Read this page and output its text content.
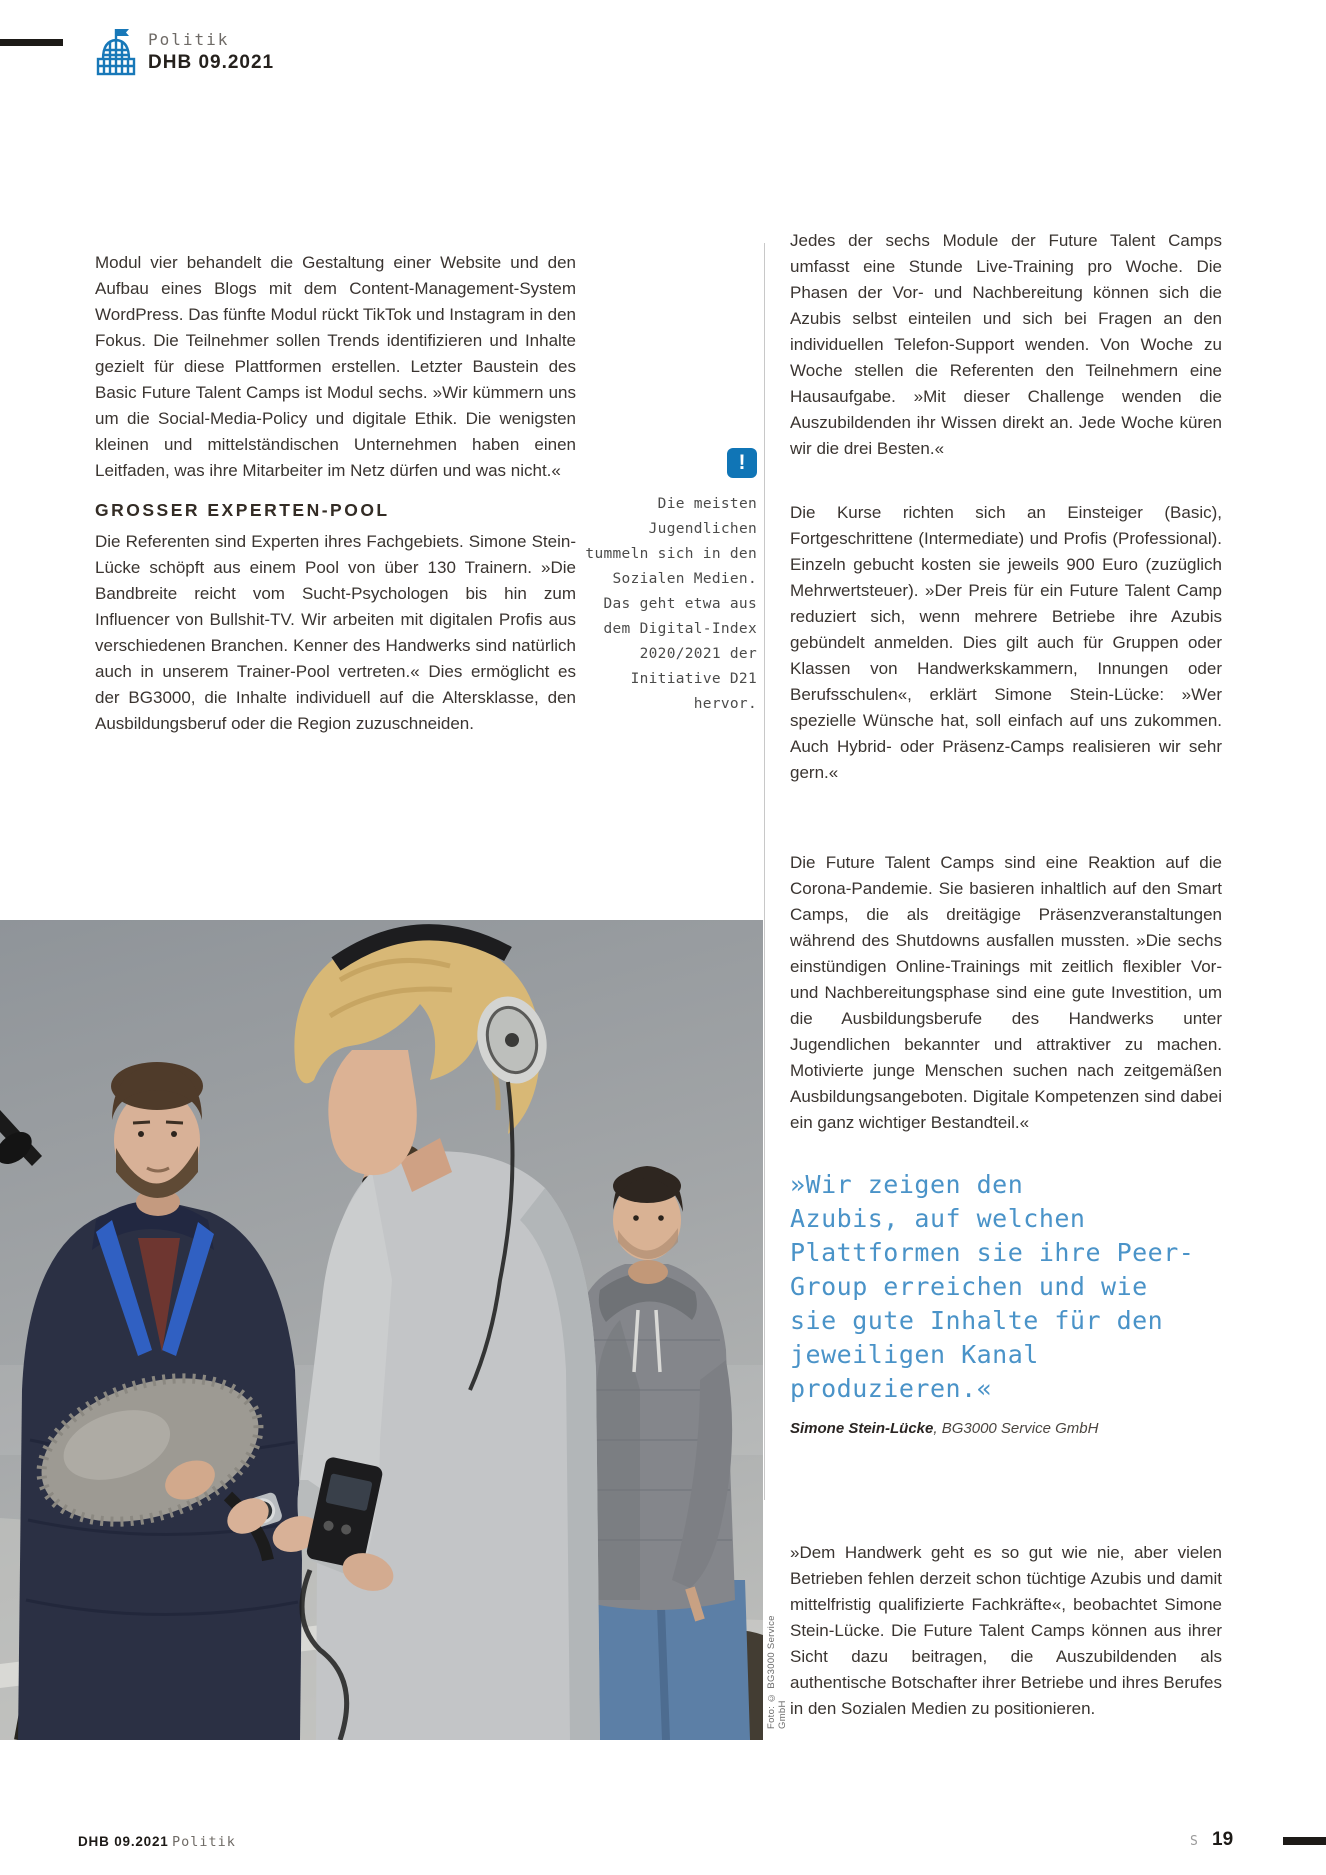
Politik
DHB 09.2021

Modul vier behandelt die Gestaltung einer Website und den Aufbau eines Blogs mit dem Content-Management-System WordPress. Das fünfte Modul rückt TikTok und Instagram in den Fokus. Die Teilnehmer sollen Trends identifizieren und Inhalte gezielt für diese Plattformen erstellen. Letzter Baustein des Basic Future Talent Camps ist Modul sechs. »Wir kümmern uns um die Social-Media-Policy und digitale Ethik. Die wenigsten kleinen und mittelständischen Unternehmen haben einen Leitfaden, was ihre Mitarbeiter im Netz dürfen und was nicht.«

GROSSER EXPERTEN-POOL

Die Referenten sind Experten ihres Fachgebiets. Simone Stein-Lücke schöpft aus einem Pool von über 130 Trainern. »Die Bandbreite reicht vom Sucht-Psychologen bis hin zum Influencer von Bullshit-TV. Wir arbeiten mit digitalen Profis aus verschiedenen Branchen. Kenner des Handwerks sind natürlich auch in unserem Trainer-Pool vertreten.« Dies ermöglicht es der BG3000, die Inhalte individuell auf die Altersklasse, den Ausbildungsberuf oder die Region zuzuschneiden.

!
Die meisten Jugendlichen tummeln sich in den Sozialen Medien. Das geht etwa aus dem Digital-Index 2020/2021 der Initiative D21 hervor.

Jedes der sechs Module der Future Talent Camps umfasst eine Stunde Live-Training pro Woche. Die Phasen der Vor- und Nachbereitung können sich die Azubis selbst einteilen und sich bei Fragen an den individuellen Telefon-Support wenden. Von Woche zu Woche stellen die Referenten den Teilnehmern eine Hausaufgabe. »Mit dieser Challenge wenden die Auszubildenden ihr Wissen direkt an. Jede Woche küren wir die drei Besten.«

Die Kurse richten sich an Einsteiger (Basic), Fortgeschrittene (Intermediate) und Profis (Professional). Einzeln gebucht kosten sie jeweils 900 Euro (zuzüglich Mehrwertsteuer). »Der Preis für ein Future Talent Camp reduziert sich, wenn mehrere Betriebe ihre Azubis gebündelt anmelden. Dies gilt auch für Gruppen oder Klassen von Handwerkskammern, Innungen oder Berufsschulen«, erklärt Simone Stein-Lücke: »Wer spezielle Wünsche hat, soll einfach auf uns zukommen. Auch Hybrid- oder Präsenz-Camps realisieren wir sehr gern.«

Die Future Talent Camps sind eine Reaktion auf die Corona-Pandemie. Sie basieren inhaltlich auf den Smart Camps, die als dreitägige Präsenzveranstaltungen während des Shutdowns ausfallen mussten. »Die sechs einstündigen Online-Trainings mit zeitlich flexibler Vor- und Nachbereitungsphase sind eine gute Investition, um die Ausbildungsberufe des Handwerks unter Jugendlichen bekannter und attraktiver zu machen. Motivierte junge Menschen suchen nach zeitgemäßen Ausbildungsangeboten. Digitale Kompetenzen sind dabei ein ganz wichtiger Bestandteil.«

»Wir zeigen den
Azubis, auf welchen
Plattformen sie ihre Peer-
Group erreichen und wie
sie gute Inhalte für den
jeweiligen Kanal
produzieren.«
Simone Stein-Lücke, BG3000 Service GmbH

»Dem Handwerk geht es so gut wie nie, aber vielen Betrieben fehlen derzeit schon tüchtige Azubis und damit mittelfristig qualifizierte Fachkräfte«, beobachtet Simone Stein-Lücke. Die Future Talent Camps können aus ihrer Sicht dazu beitragen, die Auszubildenden als authentische Botschafter ihrer Betriebe und ihres Berufes in den Sozialen Medien zu positionieren.

Foto: © BG3000 Service GmbH
DHB 09.2021 Politik	S 19
